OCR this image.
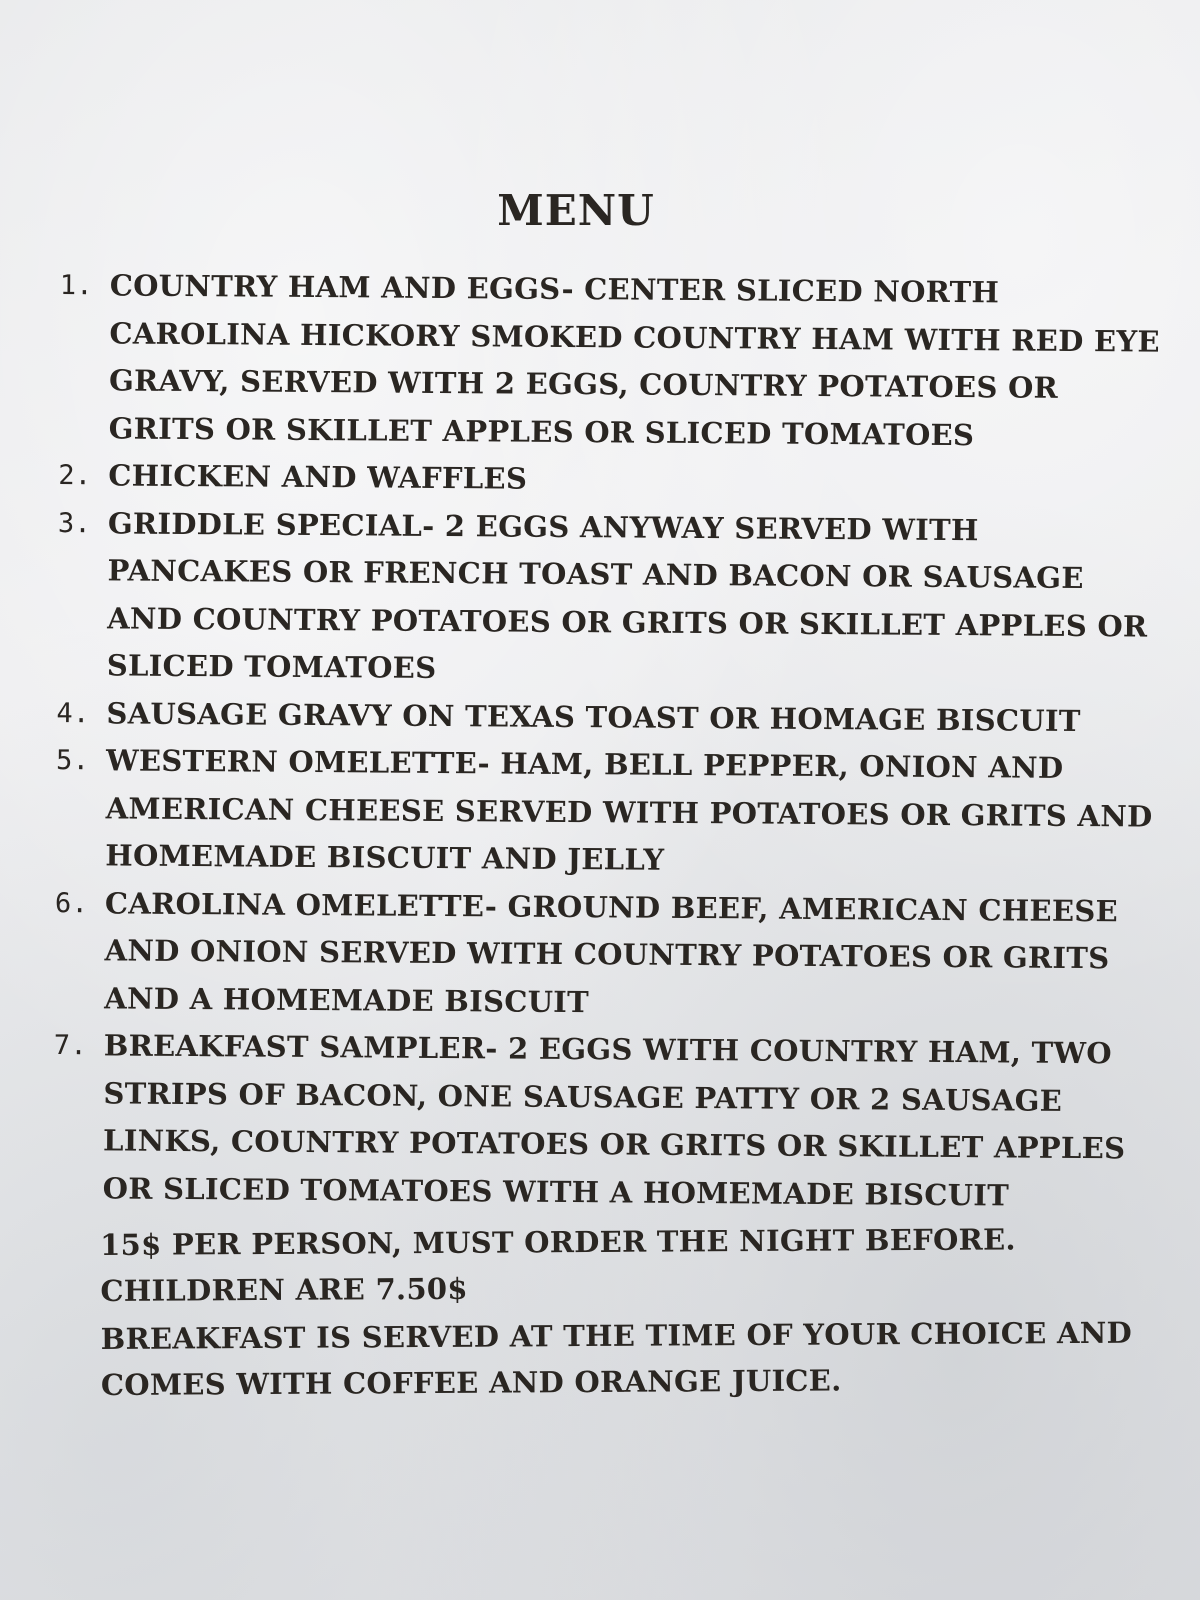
MENU
1. COUNTRY HAM AND EGGS- CENTER SLICED NORTH CAROLINA HICKORY SMOKED COUNTRY HAM WITH RED EYE GRAVY, SERVED WITH 2 EGGS, COUNTRY POTATOES OR GRITS OR SKILLET APPLES OR SLICED TOMATOES
2. CHICKEN AND WAFFLES
3. GRIDDLE SPECIAL- 2 EGGS ANYWAY SERVED WITH PANCAKES OR FRENCH TOAST AND BACON OR SAUSAGE AND COUNTRY POTATOES OR GRITS OR SKILLET APPLES OR SLICED TOMATOES
4. SAUSAGE GRAVY ON TEXAS TOAST OR HOMAGE BISCUIT
5. WESTERN OMELETTE- HAM, BELL PEPPER, ONION AND AMERICAN CHEESE SERVED WITH POTATOES OR GRITS AND HOMEMADE BISCUIT AND JELLY
6. CAROLINA OMELETTE- GROUND BEEF, AMERICAN CHEESE AND ONION SERVED WITH COUNTRY POTATOES OR GRITS AND A HOMEMADE BISCUIT
7. BREAKFAST SAMPLER- 2 EGGS WITH COUNTRY HAM, TWO STRIPS OF BACON, ONE SAUSAGE PATTY OR 2 SAUSAGE LINKS, COUNTRY POTATOES OR GRITS OR SKILLET APPLES OR SLICED TOMATOES WITH A HOMEMADE BISCUIT

15$ PER PERSON, MUST ORDER THE NIGHT BEFORE.

CHILDREN ARE 7.50$

BREAKFAST IS SERVED AT THE TIME OF YOUR CHOICE AND COMES WITH COFFEE AND ORANGE JUICE.
